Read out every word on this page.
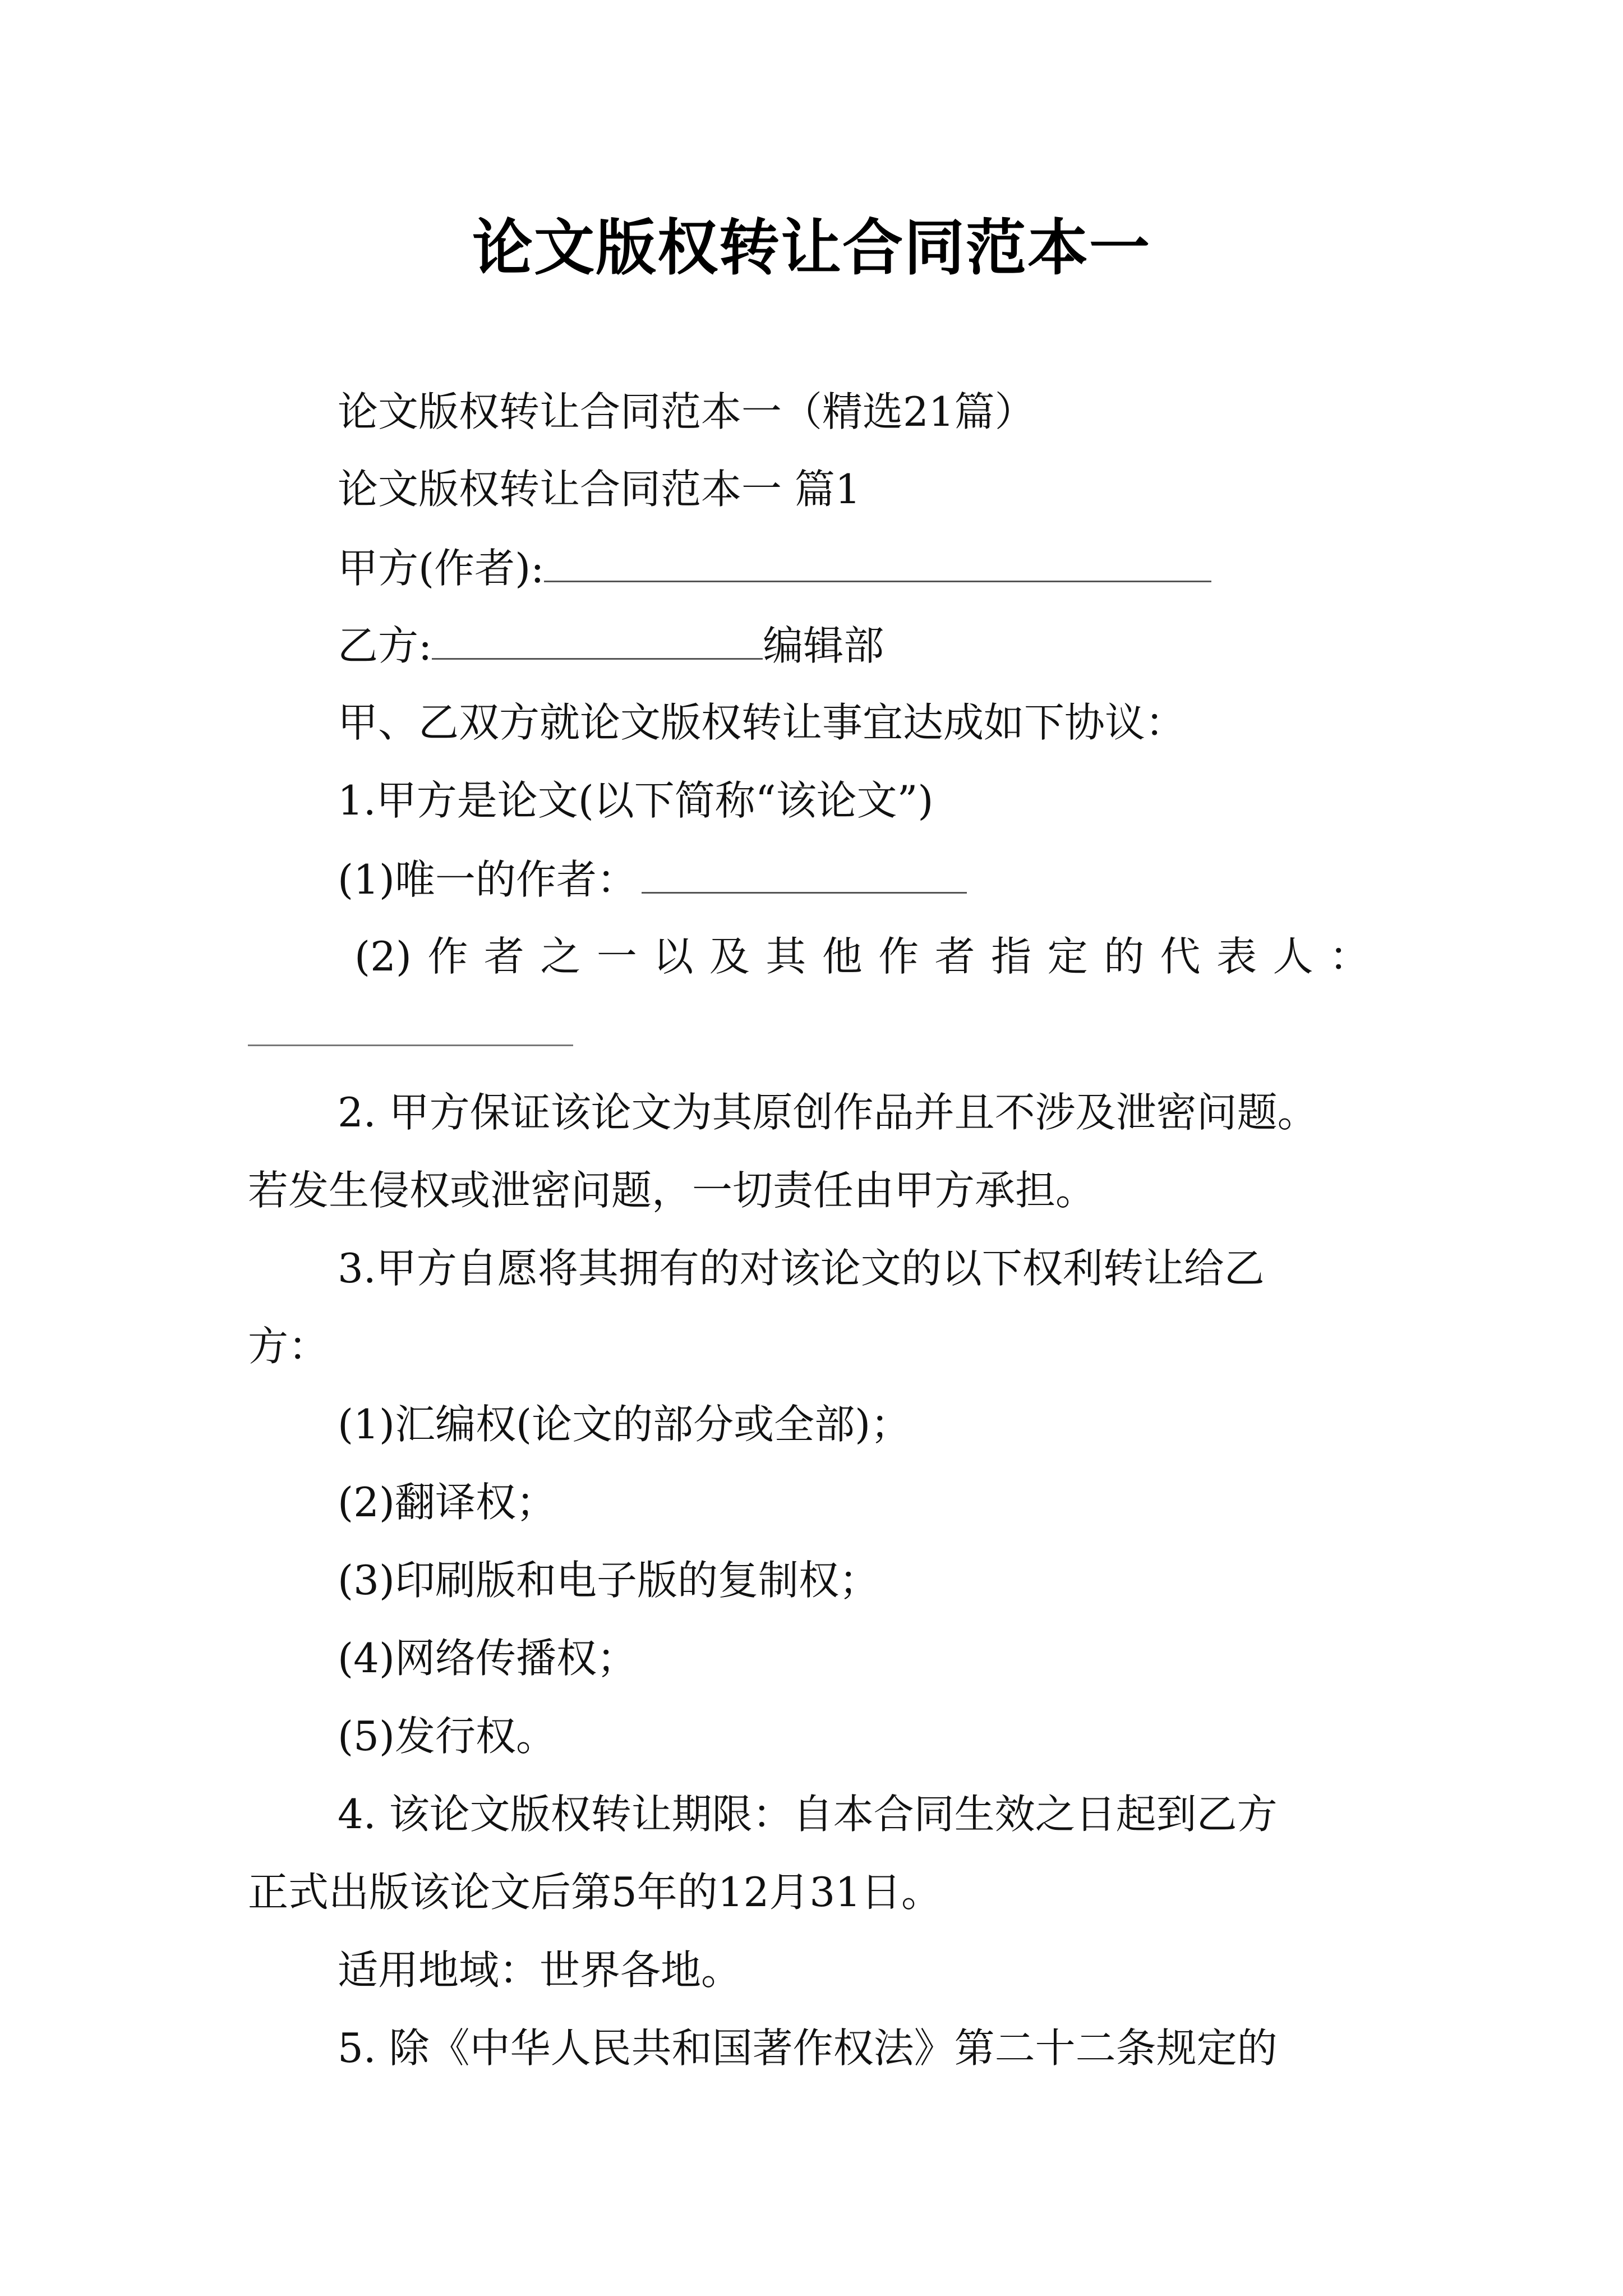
论文版权转让合同范本一
论文版权转让合同范本一（精选21篇）
论文版权转让合同范本一 篇1
甲方(作者):
乙方:	编辑部
甲、乙双方就论文版权转让事宜达成如下协议：
1.甲方是论文(以下简称“该论文”)
(1)唯一的作者：
(2) 作 者 之 一 以 及 其 他 作 者 指 定 的 代 表 人 ：
2. 甲方保证该论文为其原创作品并且不涉及泄密问题。
若发生侵权或泄密问题，一切责任由甲方承担。
3.甲方自愿将其拥有的对该论文的以下权利转让给乙
方：
(1)汇编权(论文的部分或全部)；
(2)翻译权；
(3)印刷版和电子版的复制权；
(4)网络传播权；
(5)发行权。
4. 该论文版权转让期限：自本合同生效之日起到乙方
正式出版该论文后第5年的12月31日。
适用地域：世界各地。
5. 除《中华人民共和国著作权法》第二十二条规定的
